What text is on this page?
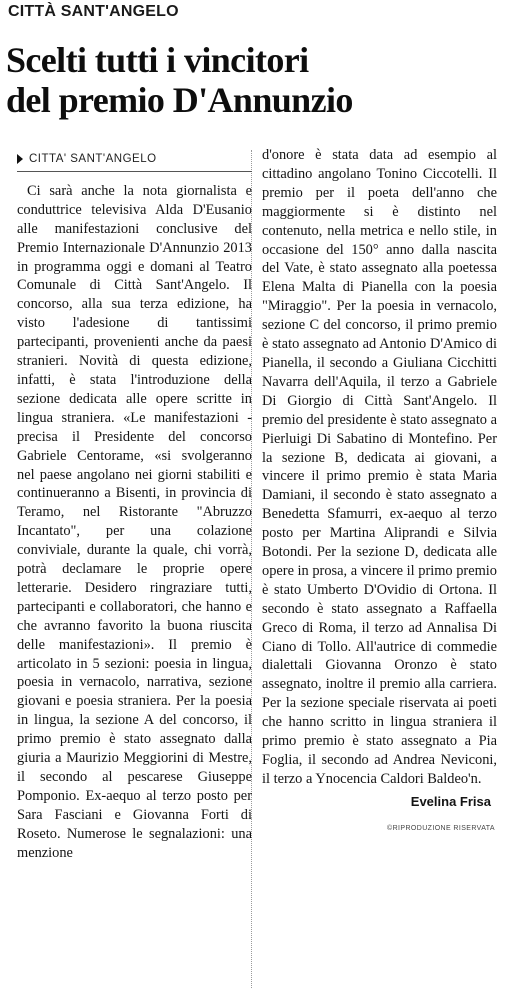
CITTÀ SANT'ANGELO
Scelti tutti i vincitori
del premio D'Annunzio
CITTA' SANT'ANGELO

Ci sarà anche la nota giornalista e conduttrice televisiva Alda D'Eusanio alle manifestazioni conclusive del Premio Internazionale D'Annunzio 2013 in programma oggi e domani al Teatro Comunale di Città Sant'Angelo. Il concorso, alla sua terza edizione, ha visto l'adesione di tantissimi partecipanti, provenienti anche da paesi stranieri. Novità di questa edizione, infatti, è stata l'introduzione della sezione dedicata alle opere scritte in lingua straniera. «Le manifestazioni - precisa il Presidente del concorso Gabriele Centorame, «si svolgeranno nel paese angolano nei giorni stabiliti e continueranno a Bisenti, in provincia di Teramo, nel Ristorante "Abruzzo Incantato", per una colazione conviviale, durante la quale, chi vorrà, potrà declamare le proprie opere letterarie. Desidero ringraziare tutti, partecipanti e collaboratori, che hanno e che avranno favorito la buona riuscita delle manifestazioni». Il premio è articolato in 5 sezioni: poesia in lingua, poesia in vernacolo, narrativa, sezione giovani e poesia straniera. Per la poesia in lingua, la sezione A del concorso, il primo premio è stato assegnato dalla giuria a Maurizio Meggiorini di Mestre, il secondo al pescarese Giuseppe Pomponio. Ex-aequo al terzo posto per Sara Fasciani e Giovanna Forti di Roseto. Numerose le segnalazioni: una menzione

d'onore è stata data ad esempio al cittadino angolano Tonino Ciccotelli. Il premio per il poeta dell'anno che maggiormente si è distinto nel contenuto, nella metrica e nello stile, in occasione del 150° anno dalla nascita del Vate, è stato assegnato alla poetessa Elena Malta di Pianella con la poesia "Miraggio". Per la poesia in vernacolo, sezione C del concorso, il primo premio è stato assegnato ad Antonio D'Amico di Pianella, il secondo a Giuliana Cicchitti Navarra dell'Aquila, il terzo a Gabriele Di Giorgio di Città Sant'Angelo. Il premio del presidente è stato assegnato a Pierluigi Di Sabatino di Montefino. Per la sezione B, dedicata ai giovani, a vincere il primo premio è stata Maria Damiani, il secondo è stato assegnato a Benedetta Sfamurri, ex-aequo al terzo posto per Martina Aliprandi e Silvia Botondi. Per la sezione D, dedicata alle opere in prosa, a vincere il primo premio è stato Umberto D'Ovidio di Ortona. Il secondo è stato assegnato a Raffaella Greco di Roma, il terzo ad Annalisa Di Ciano di Tollo. All'autrice di commedie dialettali Giovanna Oronzo è stato assegnato, inoltre il premio alla carriera. Per la sezione speciale riservata ai poeti che hanno scritto in lingua straniera il primo premio è stato assegnato a Pia Foglia, il secondo ad Andrea Neviconi, il terzo a Ynocencia Caldori Baldeo'n.

Evelina Frisa
©RIPRODUZIONE RISERVATA
